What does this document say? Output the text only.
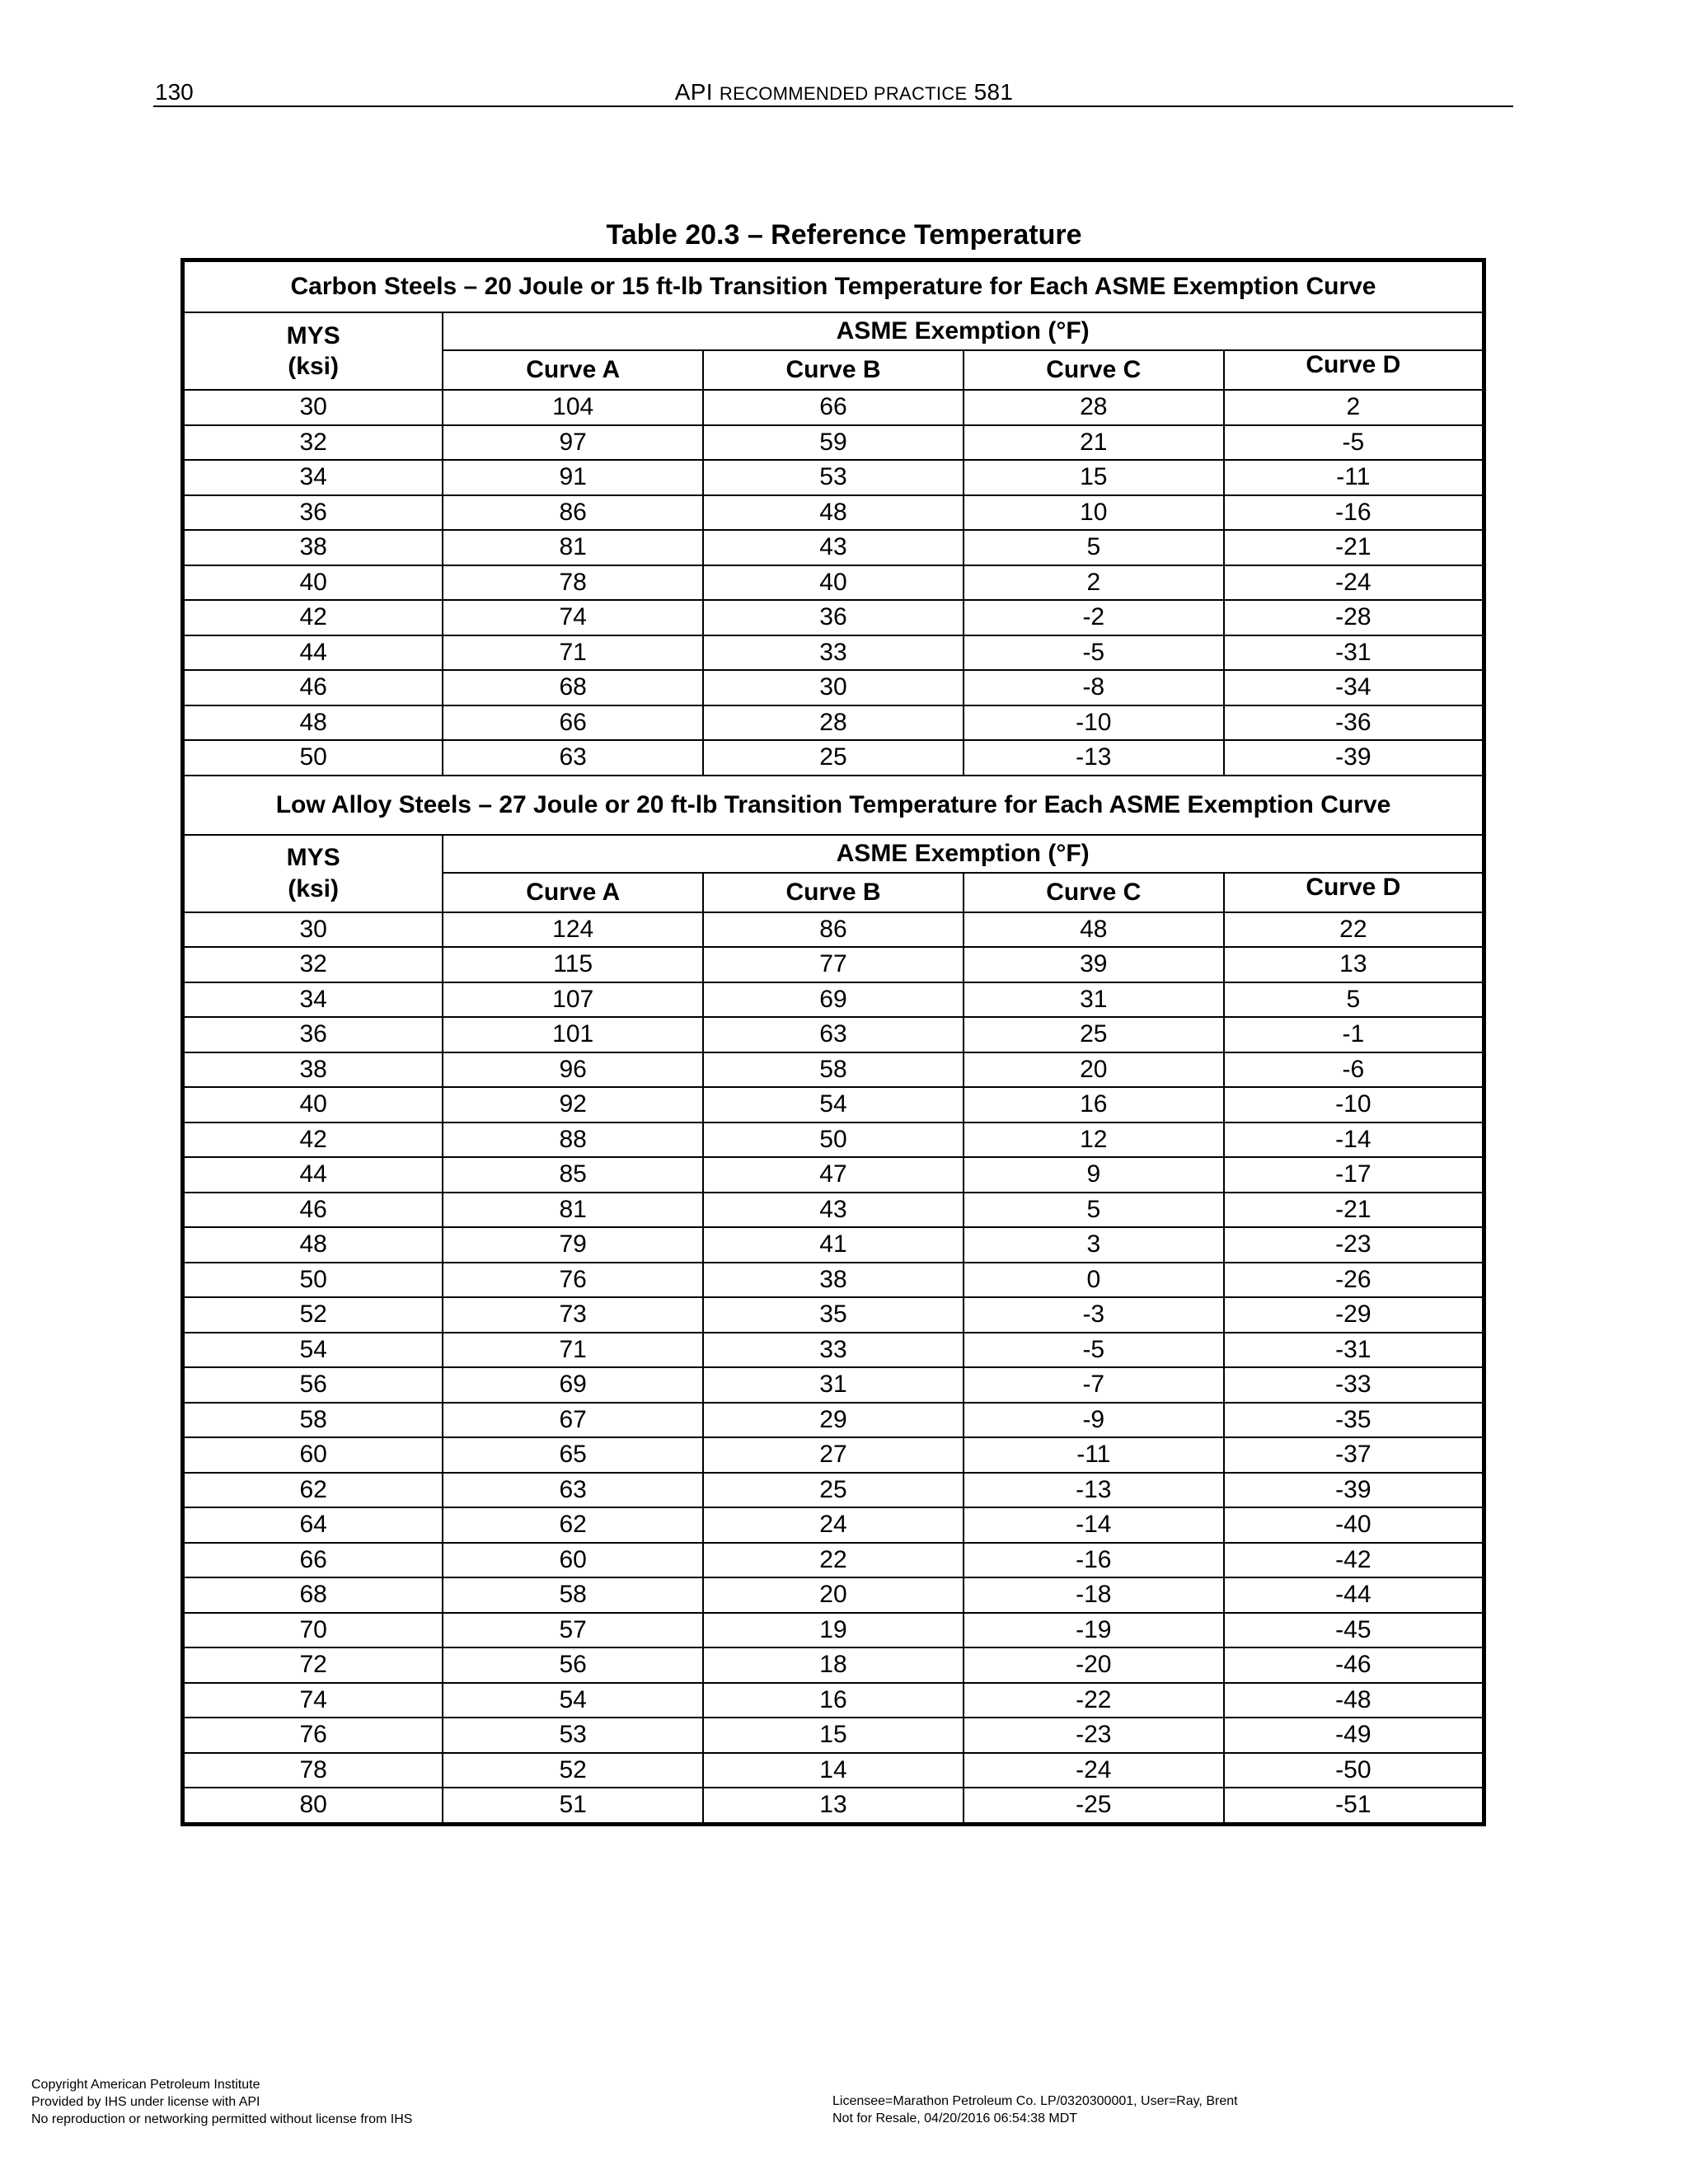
130	API RECOMMENDED PRACTICE 581
Table 20.3 – Reference Temperature
Carbon Steels – 20 Joule or 15 ft-lb Transition Temperature for Each ASME Exemption Curve				

MYS
(ksi)	ASME Exemption (°F)			
	Curve A	Curve B	Curve C	Curve D
30	104	66	28	2
32	97	59	21	-5
34	91	53	15	-11
36	86	48	10	-16
38	81	43	5	-21
40	78	40	2	-24
42	74	36	-2	-28
44	71	33	-5	-31
46	68	30	-8	-34
48	66	28	-10	-36
50	63	25	-13	-39
Low Alloy Steels – 27 Joule or 20 ft-lb Transition Temperature for Each ASME Exemption Curve				

MYS
(ksi)	ASME Exemption (°F)			
	Curve A	Curve B	Curve C	Curve D
30	124	86	48	22
32	115	77	39	13
34	107	69	31	5
36	101	63	25	-1
38	96	58	20	-6
40	92	54	16	-10
42	88	50	12	-14
44	85	47	9	-17
46	81	43	5	-21
48	79	41	3	-23
50	76	38	0	-26
52	73	35	-3	-29
54	71	33	-5	-31
56	69	31	-7	-33
58	67	29	-9	-35
60	65	27	-11	-37
62	63	25	-13	-39
64	62	24	-14	-40
66	60	22	-16	-42
68	58	20	-18	-44
70	57	19	-19	-45
72	56	18	-20	-46
74	54	16	-22	-48
76	53	15	-23	-49
78	52	14	-24	-50
80	51	13	-25	-51
Copyright American Petroleum Institute
Provided by IHS under license with API
No reproduction or networking permitted without license from IHS
Licensee=Marathon Petroleum Co. LP/0320300001, User=Ray, Brent
Not for Resale, 04/20/2016 06:54:38 MDT
